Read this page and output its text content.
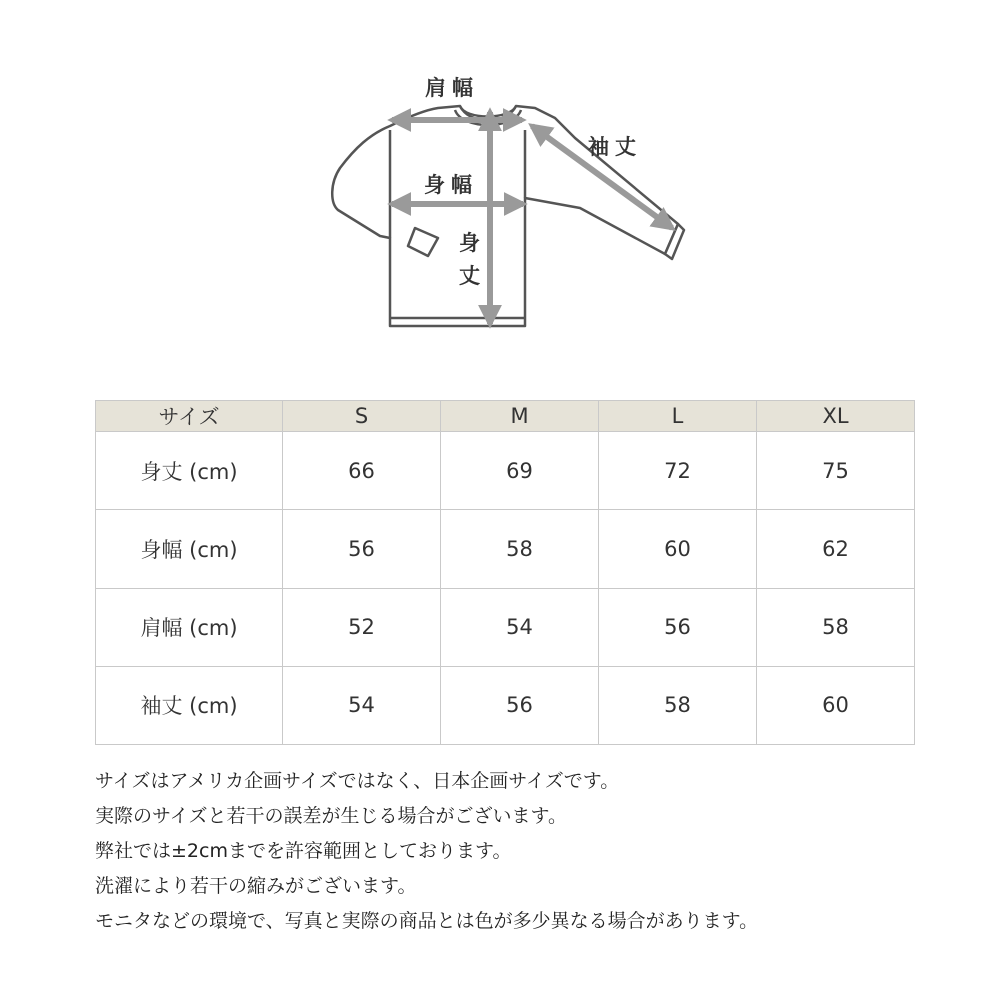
肩幅
袖丈
身幅
身
丈
サイズ	S	M	L	XL
身丈 (cm)	66	69	72	75
身幅 (cm)	56	58	60	62
肩幅 (cm)	52	54	56	58
袖丈 (cm)	54	56	58	60

サイズはアメリカ企画サイズではなく、日本企画サイズです。

実際のサイズと若干の誤差が生じる場合がございます。

弊社では±2cmまでを許容範囲としております。

洗濯により若干の縮みがございます。

モニタなどの環境で、写真と実際の商品とは色が多少異なる場合があります。
